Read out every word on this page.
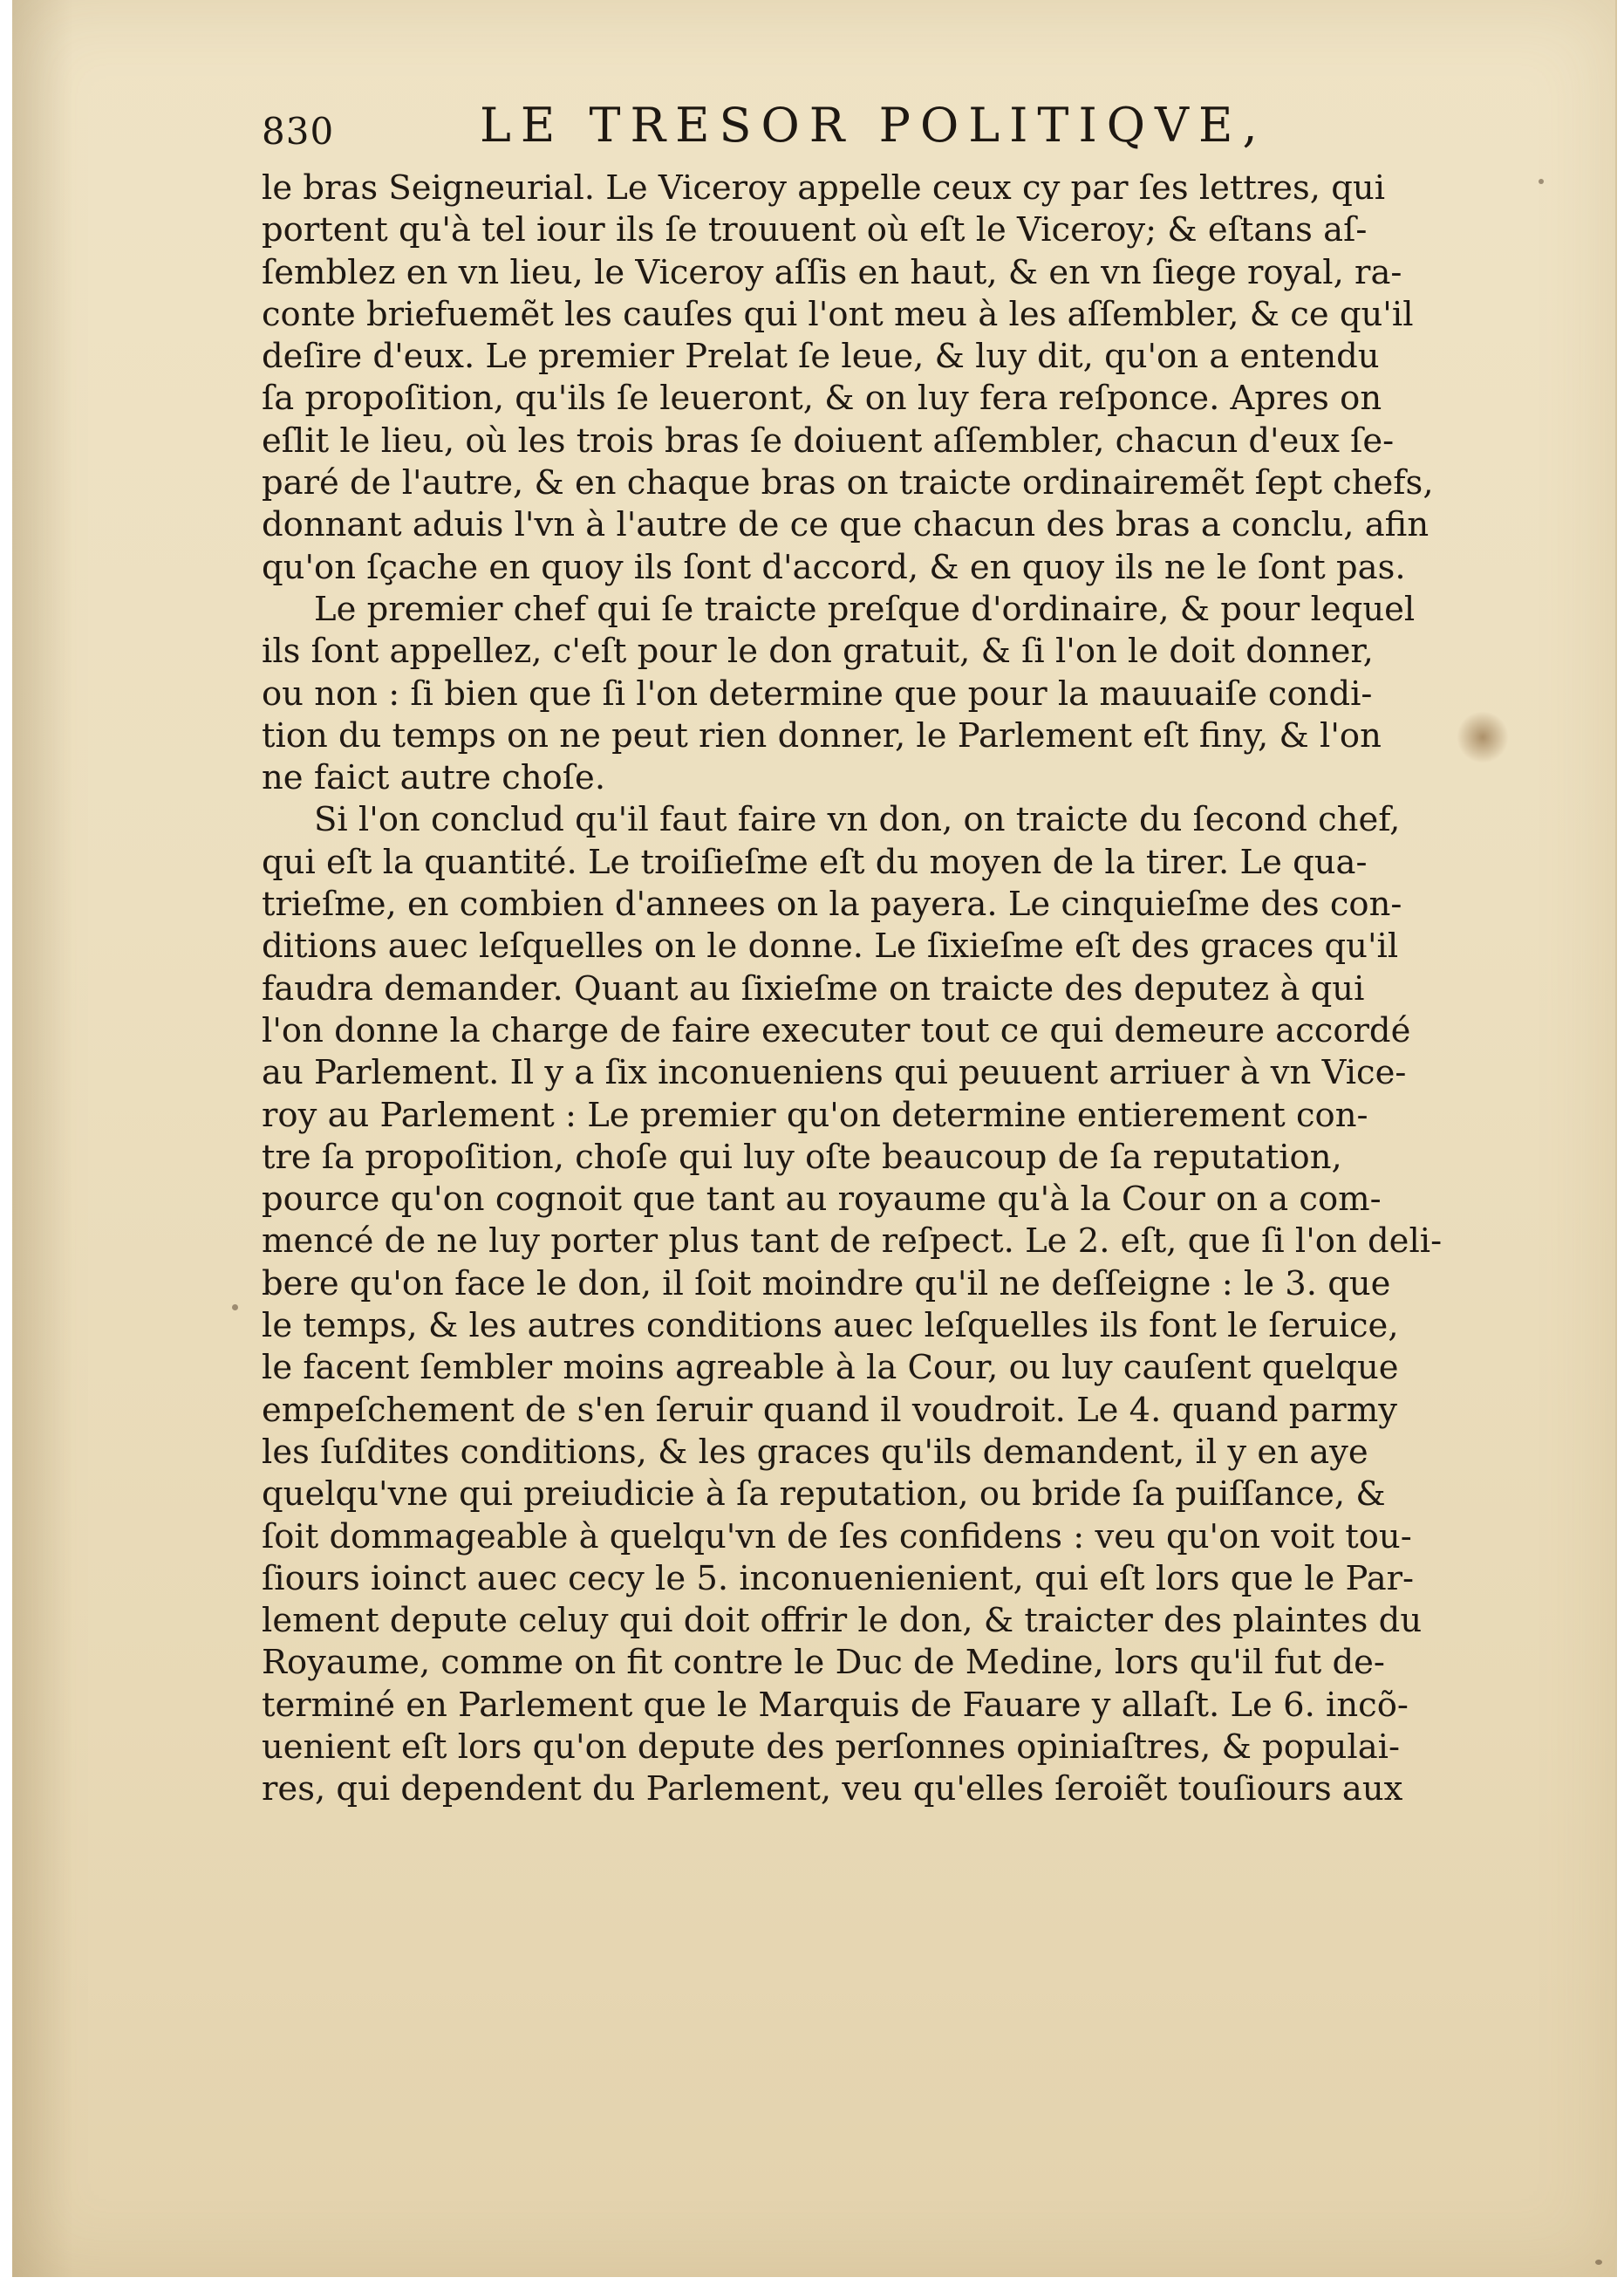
830	LE TRESOR POLITIQVE,
le bras Seigneurial. Le Viceroy appelle ceux cy par ſes lettres, qui
portent qu'à tel iour ils ſe trouuent où eſt le Viceroy; & eſtans aſ-
ſemblez en vn lieu, le Viceroy aſſis en haut, & en vn ſiege royal, ra-
conte briefuemẽt les cauſes qui l'ont meu à les aſſembler, & ce qu'il
deſire d'eux. Le premier Prelat ſe leue, & luy dit, qu'on a entendu
ſa propoſition, qu'ils ſe leueront, & on luy fera reſponce. Apres on
eſlit le lieu, où les trois bras ſe doiuent aſſembler, chacun d'eux ſe-
paré de l'autre, & en chaque bras on traicte ordinairemẽt ſept chefs,
donnant aduis l'vn à l'autre de ce que chacun des bras a conclu, afin
qu'on ſçache en quoy ils ſont d'accord, & en quoy ils ne le ſont pas.
Le premier chef qui ſe traicte preſque d'ordinaire, & pour lequel
ils ſont appellez, c'eſt pour le don gratuit, & ſi l'on le doit donner,
ou non : ſi bien que ſi l'on determine que pour la mauuaiſe condi-
tion du temps on ne peut rien donner, le Parlement eſt finy, & l'on
ne faict autre choſe.
Si l'on conclud qu'il faut faire vn don, on traicte du ſecond chef,
qui eſt la quantité. Le troiſieſme eſt du moyen de la tirer. Le qua-
trieſme, en combien d'annees on la payera. Le cinquieſme des con-
ditions auec leſquelles on le donne. Le ſixieſme eſt des graces qu'il
faudra demander. Quant au ſixieſme on traicte des deputez à qui
l'on donne la charge de faire executer tout ce qui demeure accordé
au Parlement. Il y a ſix inconueniens qui peuuent arriuer à vn Vice-
roy au Parlement : Le premier qu'on determine entierement con-
tre ſa propoſition, choſe qui luy oſte beaucoup de ſa reputation,
pource qu'on cognoit que tant au royaume qu'à la Cour on a com-
mencé de ne luy porter plus tant de reſpect. Le 2. eſt, que ſi l'on deli-
bere qu'on face le don, il ſoit moindre qu'il ne deſſeigne : le 3. que
le temps, & les autres conditions auec leſquelles ils font le ſeruice,
le facent ſembler moins agreable à la Cour, ou luy cauſent quelque
empeſchement de s'en ſeruir quand il voudroit. Le 4. quand parmy
les ſuſdites conditions, & les graces qu'ils demandent, il y en aye
quelqu'vne qui preiudicie à ſa reputation, ou bride ſa puiſſance, &
ſoit dommageable à quelqu'vn de ſes confidens : veu qu'on voit tou-
ſiours ioinct auec cecy le 5. inconuenienient, qui eſt lors que le Par-
lement depute celuy qui doit offrir le don, & traicter des plaintes du
Royaume, comme on fit contre le Duc de Medine, lors qu'il fut de-
terminé en Parlement que le Marquis de Fauare y allaſt. Le 6. incõ-
uenient eſt lors qu'on depute des perſonnes opiniaſtres, & populai-
res, qui dependent du Parlement, veu qu'elles ſeroiẽt touſiours aux
